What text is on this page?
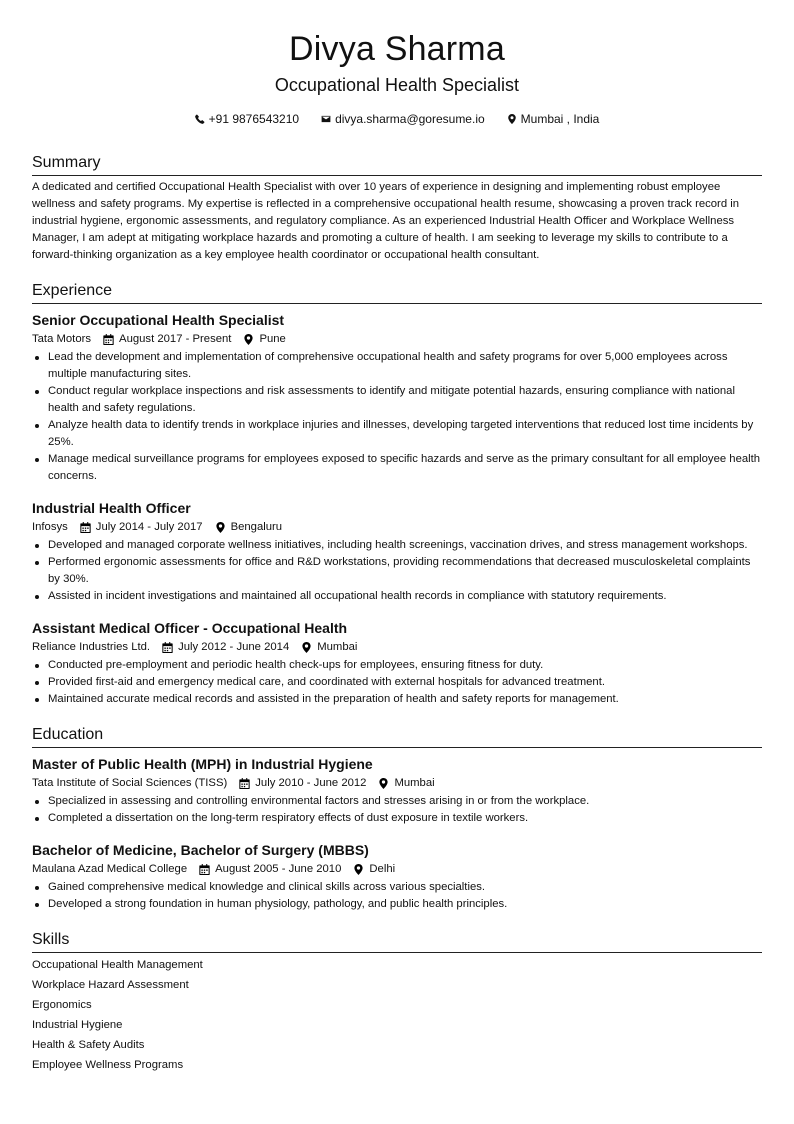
Divya Sharma
Occupational Health Specialist
+91 9876543210	divya.sharma@goresume.io	Mumbai , India
Summary
A dedicated and certified Occupational Health Specialist with over 10 years of experience in designing and implementing robust employee wellness and safety programs. My expertise is reflected in a comprehensive occupational health resume, showcasing a proven track record in industrial hygiene, ergonomic assessments, and regulatory compliance. As an experienced Industrial Health Officer and Workplace Wellness Manager, I am adept at mitigating workplace hazards and promoting a culture of health. I am seeking to leverage my skills to contribute to a forward-thinking organization as a key employee health coordinator or occupational health consultant.
Experience
Senior Occupational Health Specialist
Tata Motors August 2017 - Present Pune
Lead the development and implementation of comprehensive occupational health and safety programs for over 5,000 employees across multiple manufacturing sites.
Conduct regular workplace inspections and risk assessments to identify and mitigate potential hazards, ensuring compliance with national health and safety regulations.
Analyze health data to identify trends in workplace injuries and illnesses, developing targeted interventions that reduced lost time incidents by 25%.
Manage medical surveillance programs for employees exposed to specific hazards and serve as the primary consultant for all employee health concerns.
Industrial Health Officer
Infosys July 2014 - July 2017 Bengaluru
Developed and managed corporate wellness initiatives, including health screenings, vaccination drives, and stress management workshops.
Performed ergonomic assessments for office and R&D workstations, providing recommendations that decreased musculoskeletal complaints by 30%.
Assisted in incident investigations and maintained all occupational health records in compliance with statutory requirements.
Assistant Medical Officer - Occupational Health
Reliance Industries Ltd. July 2012 - June 2014 Mumbai
Conducted pre-employment and periodic health check-ups for employees, ensuring fitness for duty.
Provided first-aid and emergency medical care, and coordinated with external hospitals for advanced treatment.
Maintained accurate medical records and assisted in the preparation of health and safety reports for management.
Education
Master of Public Health (MPH) in Industrial Hygiene
Tata Institute of Social Sciences (TISS) July 2010 - June 2012 Mumbai
Specialized in assessing and controlling environmental factors and stresses arising in or from the workplace.
Completed a dissertation on the long-term respiratory effects of dust exposure in textile workers.
Bachelor of Medicine, Bachelor of Surgery (MBBS)
Maulana Azad Medical College August 2005 - June 2010 Delhi
Gained comprehensive medical knowledge and clinical skills across various specialties.
Developed a strong foundation in human physiology, pathology, and public health principles.
Skills
Occupational Health Management
Workplace Hazard Assessment
Ergonomics
Industrial Hygiene
Health & Safety Audits
Employee Wellness Programs
